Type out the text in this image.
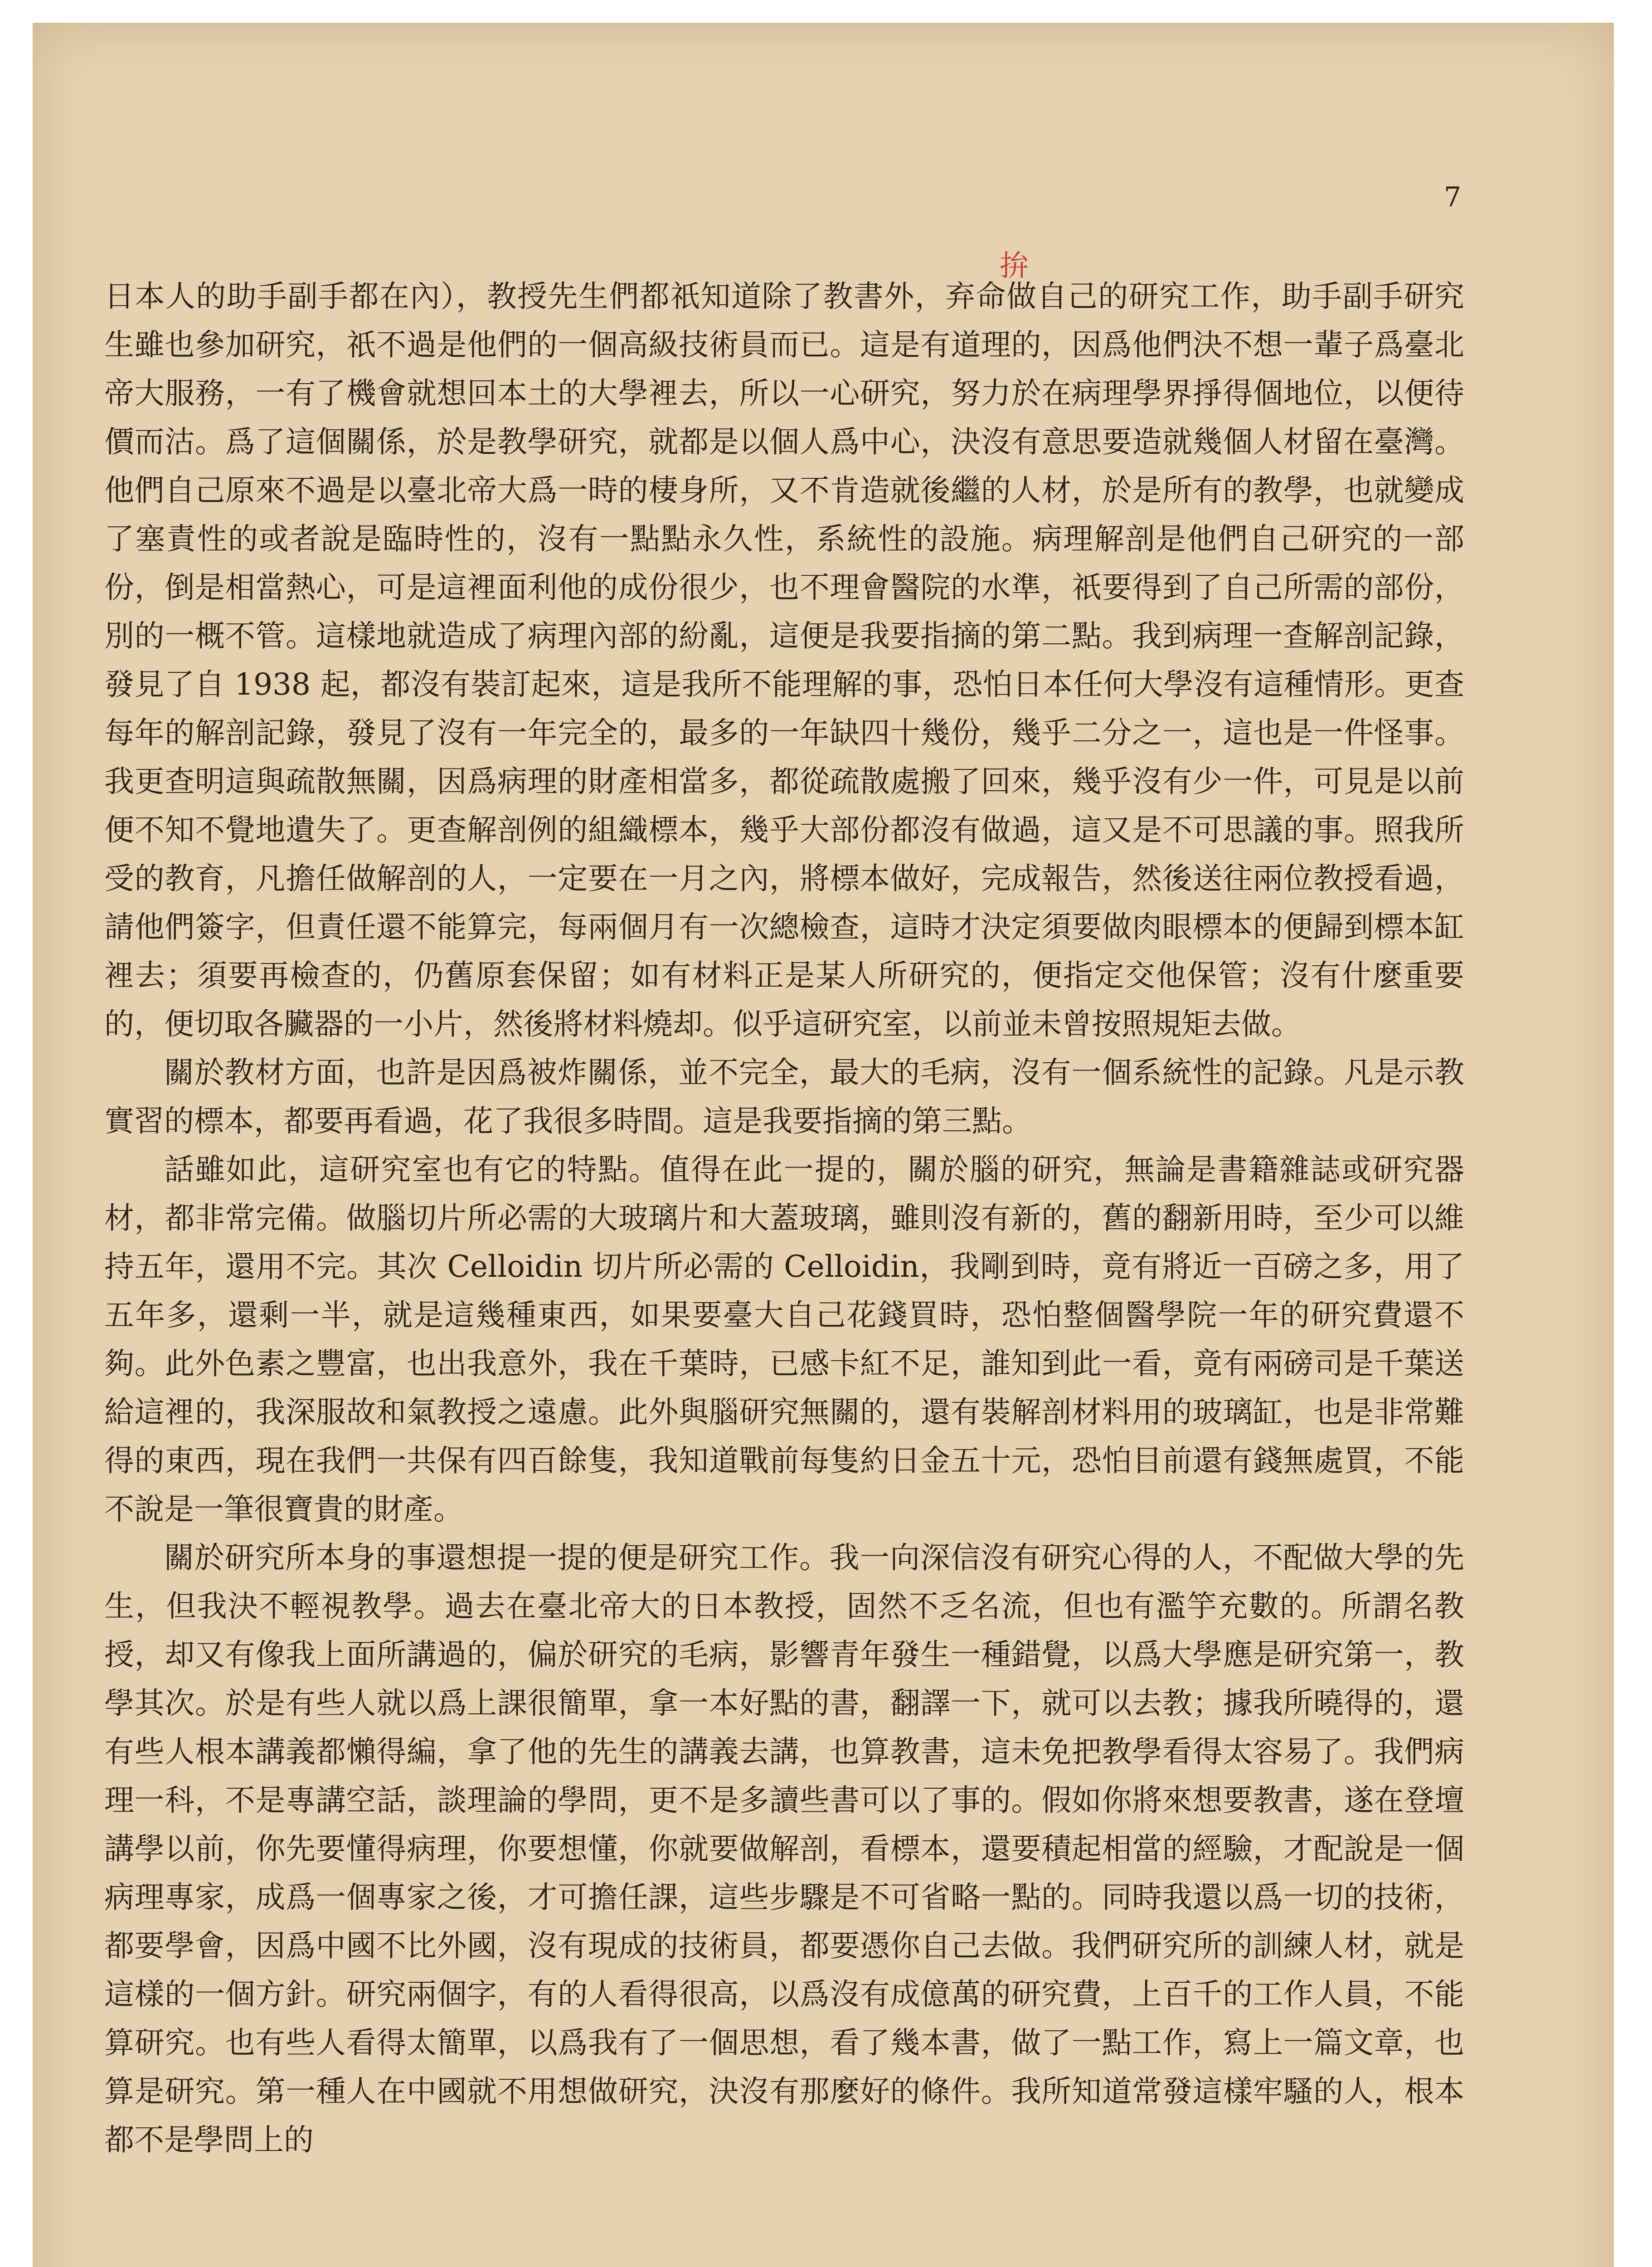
7
拚

日本人的助手副手都在內），教授先生們都祇知道除了教書外，弃命做自己的研究工作，助手副手研究生雖也參加研究，祇不過是他們的一個高級技術員而已。這是有道理的，因爲他們決不想一輩子爲臺北帝大服務，一有了機會就想回本土的大學裡去，所以一心研究，努力於在病理學界掙得個地位，以便待價而沽。爲了這個關係，於是教學研究，就都是以個人爲中心，決沒有意思要造就幾個人材留在臺灣。他們自己原來不過是以臺北帝大爲一時的棲身所，又不肯造就後繼的人材，於是所有的教學，也就變成了塞責性的或者說是臨時性的，沒有一點點永久性，系統性的設施。病理解剖是他們自己研究的一部份，倒是相當熱心，可是這裡面利他的成份很少，也不理會醫院的水準，祇要得到了自己所需的部份，別的一概不管。這樣地就造成了病理內部的紛亂，這便是我要指摘的第二點。我到病理一查解剖記錄，發見了自 1938 起，都沒有裝訂起來，這是我所不能理解的事，恐怕日本任何大學沒有這種情形。更查每年的解剖記錄，發見了沒有一年完全的，最多的一年缺四十幾份，幾乎二分之一，這也是一件怪事。我更查明這與疏散無關，因爲病理的財產相當多，都從疏散處搬了回來，幾乎沒有少一件，可見是以前便不知不覺地遺失了。更查解剖例的組織標本，幾乎大部份都沒有做過，這又是不可思議的事。照我所受的教育，凡擔任做解剖的人，一定要在一月之內，將標本做好，完成報告，然後送往兩位教授看過，請他們簽字，但責任還不能算完，每兩個月有一次總檢查，這時才決定須要做肉眼標本的便歸到標本缸裡去；須要再檢查的，仍舊原套保留；如有材料正是某人所研究的，便指定交他保管；沒有什麼重要的，便切取各臟器的一小片，然後將材料燒却。似乎這研究室，以前並未曾按照規矩去做。

關於教材方面，也許是因爲被炸關係，並不完全，最大的毛病，沒有一個系統性的記錄。凡是示教實習的標本，都要再看過，花了我很多時間。這是我要指摘的第三點。

話雖如此，這研究室也有它的特點。值得在此一提的，關於腦的研究，無論是書籍雜誌或研究器材，都非常完備。做腦切片所必需的大玻璃片和大蓋玻璃，雖則沒有新的，舊的翻新用時，至少可以維持五年，還用不完。其次 Celloidin 切片所必需的 Celloidin，我剛到時，竟有將近一百磅之多，用了五年多，還剩一半，就是這幾種東西，如果要臺大自己花錢買時，恐怕整個醫學院一年的研究費還不夠。此外色素之豐富，也出我意外，我在千葉時，已感卡紅不足，誰知到此一看，竟有兩磅司是千葉送給這裡的，我深服故和氣教授之遠慮。此外與腦研究無關的，還有裝解剖材料用的玻璃缸，也是非常難得的東西，現在我們一共保有四百餘隻，我知道戰前每隻約日金五十元，恐怕目前還有錢無處買，不能不說是一筆很寶貴的財產。

關於研究所本身的事還想提一提的便是研究工作。我一向深信沒有研究心得的人，不配做大學的先生，但我決不輕視教學。過去在臺北帝大的日本教授，固然不乏名流，但也有濫竽充數的。所謂名教授，却又有像我上面所講過的，偏於研究的毛病，影響青年發生一種錯覺，以爲大學應是研究第一，教學其次。於是有些人就以爲上課很簡單，拿一本好點的書，翻譯一下，就可以去教；據我所曉得的，還有些人根本講義都懶得編，拿了他的先生的講義去講，也算教書，這未免把教學看得太容易了。我們病理一科，不是專講空話，談理論的學問，更不是多讀些書可以了事的。假如你將來想要教書，遂在登壇講學以前，你先要懂得病理，你要想懂，你就要做解剖，看標本，還要積起相當的經驗，才配說是一個病理專家，成爲一個專家之後，才可擔任課，這些步驟是不可省略一點的。同時我還以爲一切的技術，都要學會，因爲中國不比外國，沒有現成的技術員，都要憑你自己去做。我們研究所的訓練人材，就是這樣的一個方針。研究兩個字，有的人看得很高，以爲沒有成億萬的研究費，上百千的工作人員，不能算研究。也有些人看得太簡單，以爲我有了一個思想，看了幾本書，做了一點工作，寫上一篇文章，也算是研究。第一種人在中國就不用想做研究，決沒有那麼好的條件。我所知道常發這樣牢騷的人，根本都不是學問上的
